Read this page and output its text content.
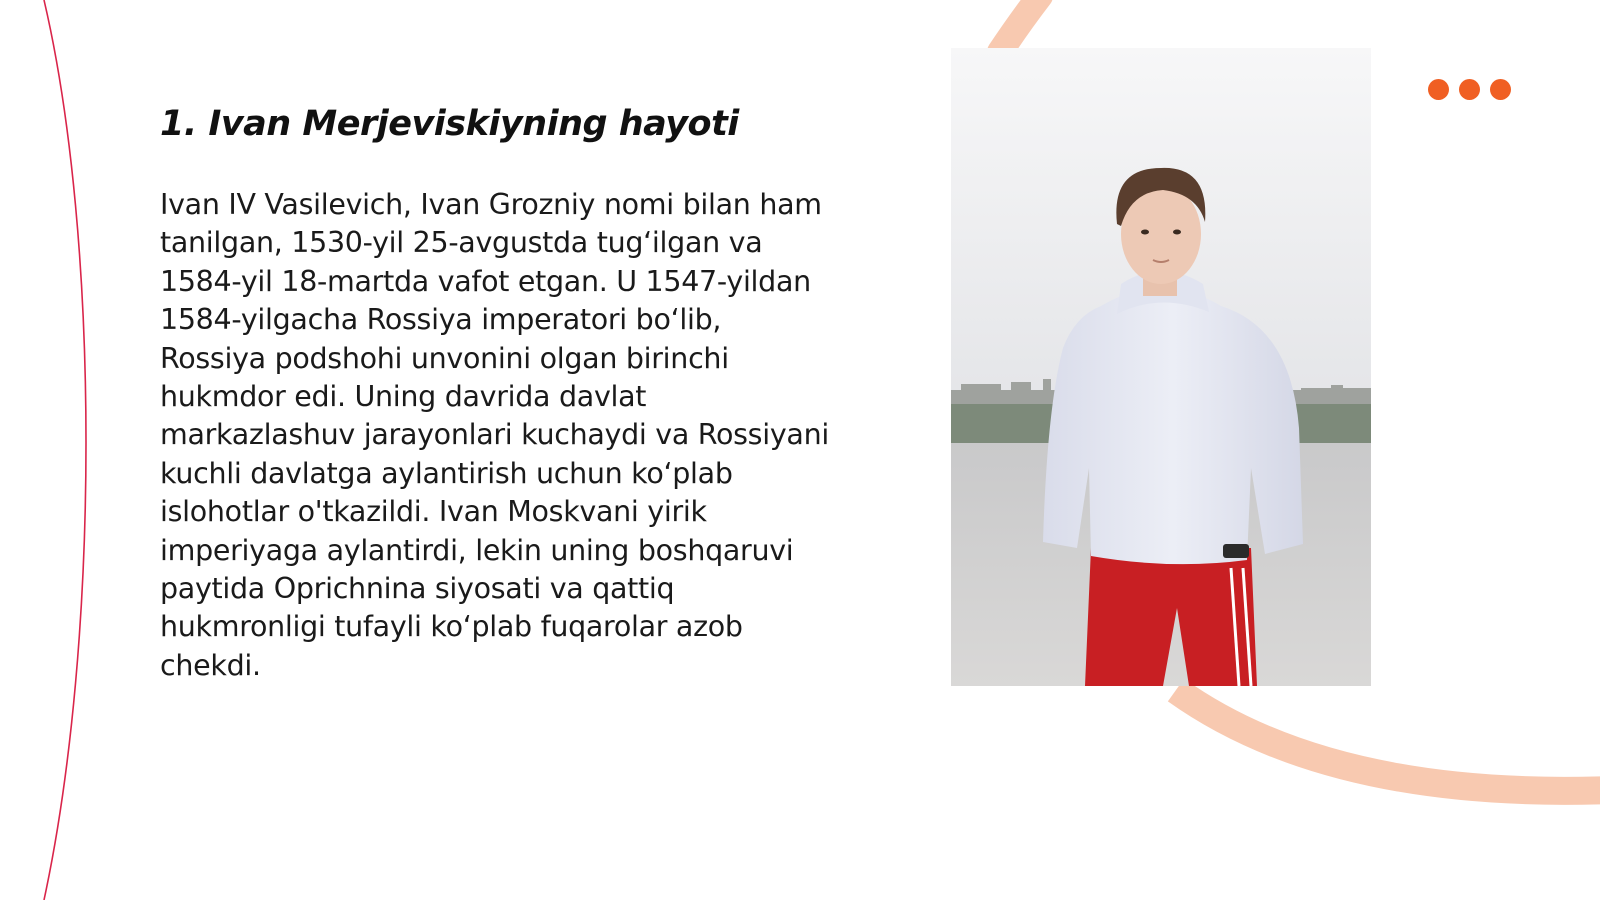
1. Ivan Merjeviskiyning hayoti

Ivan IV Vasilevich, Ivan Grozniy nomi bilan ham tanilgan, 1530-yil 25-avgustda tug‘ilgan va 1584-yil 18-martda vafot etgan. U 1547-yildan 1584-yilgacha Rossiya imperatori bo‘lib, Rossiya podshohi unvonini olgan birinchi hukmdor edi. Uning davrida davlat markazlashuv jarayonlari kuchaydi va Rossiyani kuchli davlatga aylantirish uchun ko‘plab islohotlar o'tkazildi. Ivan Moskvani yirik imperiyaga aylantirdi, lekin uning boshqaruvi paytida Oprichnina siyosati va qattiq hukmronligi tufayli ko‘plab fuqarolar azob chekdi.
